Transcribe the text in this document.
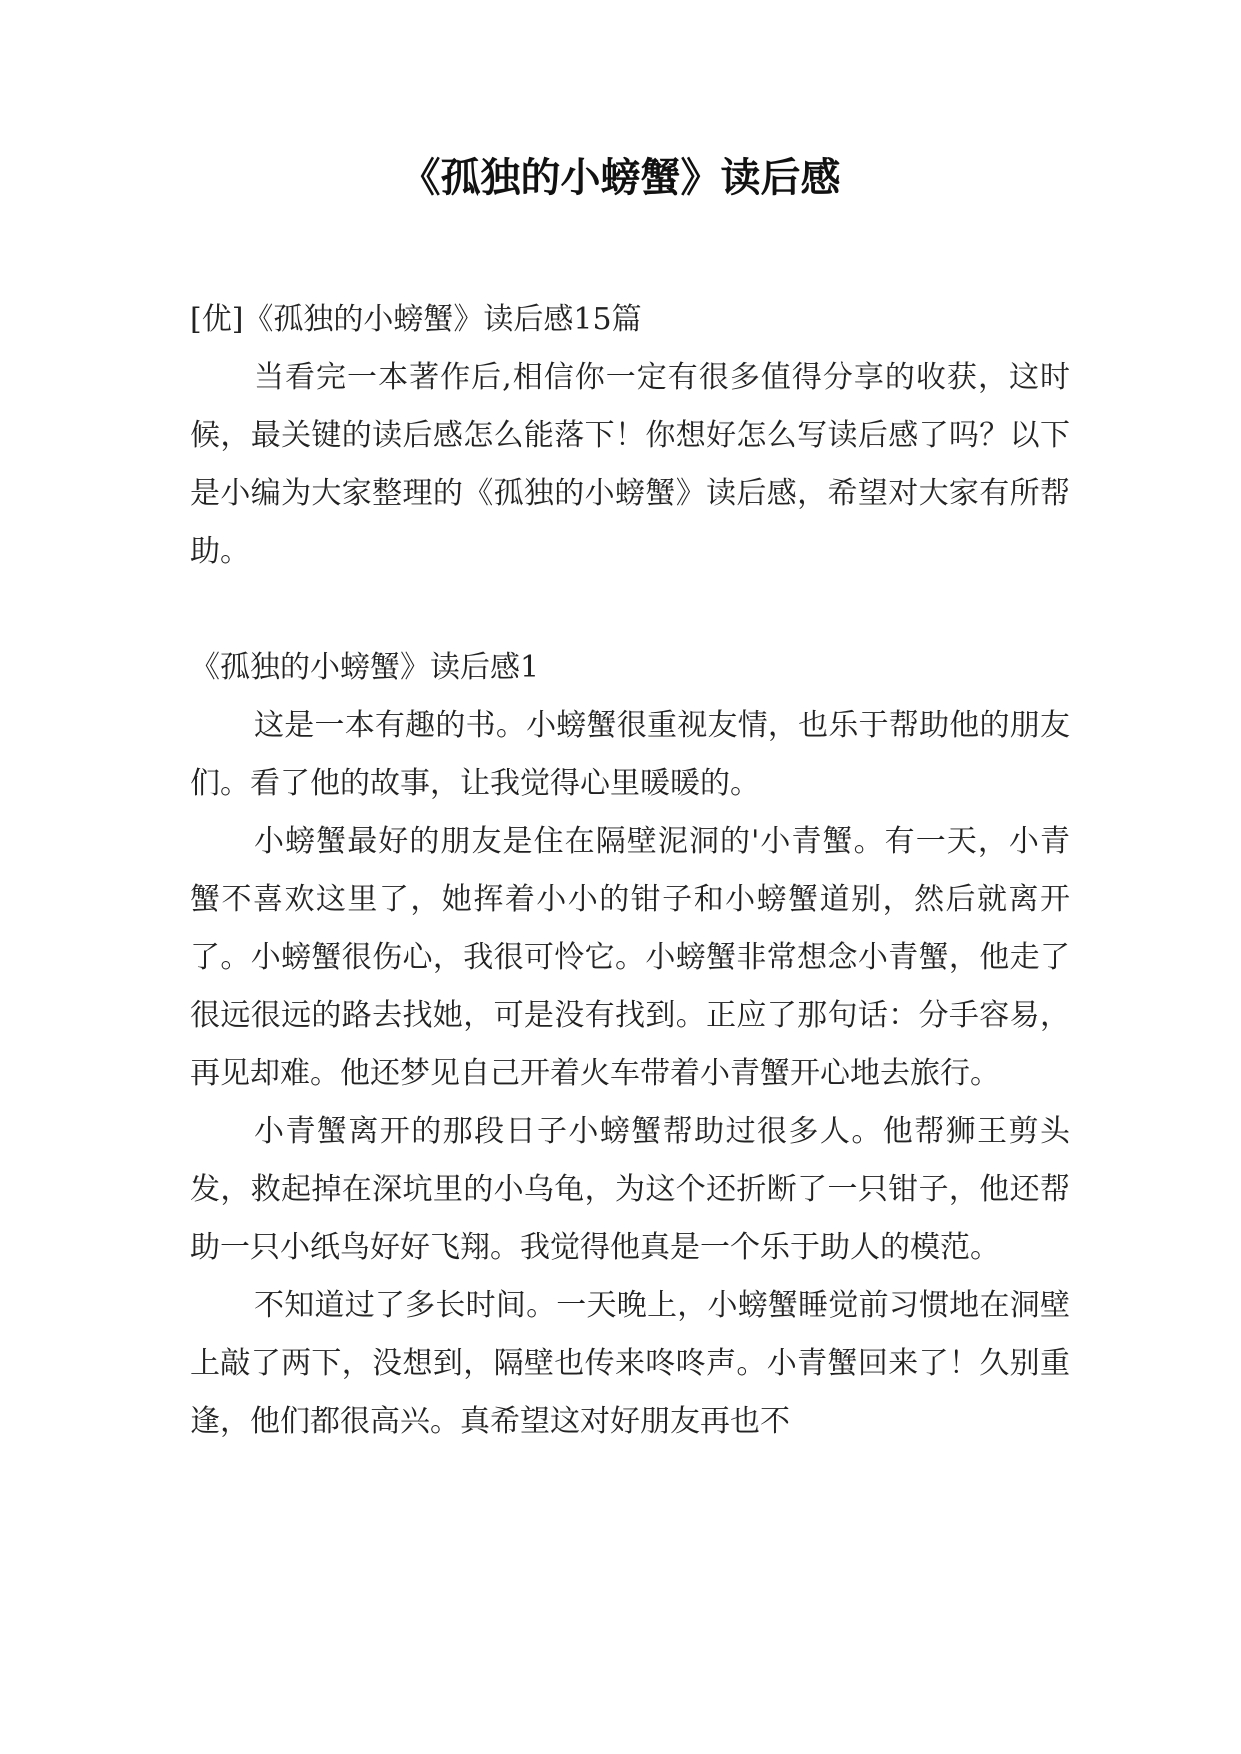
《孤独的小螃蟹》读后感

[优]《孤独的小螃蟹》读后感15篇

当看完一本著作后,相信你一定有很多值得分享的收获，这时候，最关键的读后感怎么能落下！你想好怎么写读后感了吗？以下是小编为大家整理的《孤独的小螃蟹》读后感，希望对大家有所帮助。

《孤独的小螃蟹》读后感1

这是一本有趣的书。小螃蟹很重视友情，也乐于帮助他的朋友们。看了他的故事，让我觉得心里暖暖的。

小螃蟹最好的朋友是住在隔壁泥洞的'小青蟹。有一天，小青蟹不喜欢这里了，她挥着小小的钳子和小螃蟹道别，然后就离开了。小螃蟹很伤心，我很可怜它。小螃蟹非常想念小青蟹，他走了很远很远的路去找她，可是没有找到。正应了那句话：分手容易，再见却难。他还梦见自己开着火车带着小青蟹开心地去旅行。

小青蟹离开的那段日子小螃蟹帮助过很多人。他帮狮王剪头发，救起掉在深坑里的小乌龟，为这个还折断了一只钳子，他还帮助一只小纸鸟好好飞翔。我觉得他真是一个乐于助人的模范。

不知道过了多长时间。一天晚上，小螃蟹睡觉前习惯地在洞壁上敲了两下，没想到，隔壁也传来咚咚声。小青蟹回来了！久别重逢，他们都很高兴。真希望这对好朋友再也不
